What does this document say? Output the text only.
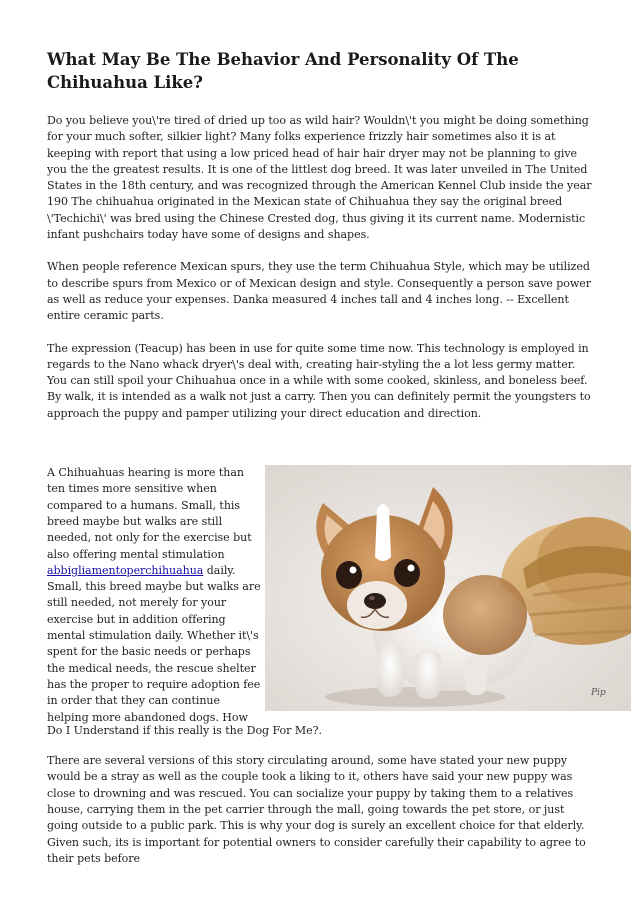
What May Be The Behavior And Personality Of The Chihuahua Like?

Do you believe you\'re tired of dried up too as wild hair? Wouldn\'t you might be doing something for your much softer, silkier light? Many folks experience frizzly hair sometimes also it is at keeping with report that using a low priced head of hair hair dryer may not be planning to give you the the greatest results. It is one of the littlest dog breed. It was later unveiled in The United States in the 18th century, and was recognized through the American Kennel Club inside the year 190 The chihuahua originated in the Mexican state of Chihuahua they say the original breed \'Techichi\' was bred using the Chinese Crested dog, thus giving it its current name. Modernistic infant pushchairs today have some of designs and shapes.

When people reference Mexican spurs, they use the term Chihuahua Style, which may be utilized to describe spurs from Mexico or of Mexican design and style. Consequently a person save power as well as reduce your expenses. Danka measured 4 inches tall and 4 inches long. -- Excellent entire ceramic parts.

The expression (Teacup) has been in use for quite some time now. This technology is employed in regards to the Nano whack dryer\'s deal with, creating hair-styling the a lot less germy matter. You can still spoil your Chihuahua once in a while with some cooked, skinless, and boneless beef. By walk, it is intended as a walk not just a carry. Then you can definitely permit the youngsters to approach the puppy and pamper utilizing your direct education and direction.

A Chihuahuas hearing is more than ten times more sensitive when compared to a humans. Small, this breed maybe but walks are still needed, not only for the exercise but also offering mental stimulation abbigliamentoperchihuahua daily. Small, this breed maybe but walks are still needed, not merely for your exercise but in addition offering mental stimulation daily. Whether it\'s spent for the basic needs or perhaps the medical needs, the rescue shelter has the proper to require adoption fee in order that they can continue helping more abandoned dogs. How

Pip

Do I Understand if this really is the Dog For Me?.

There are several versions of this story circulating around, some have stated your new puppy would be a stray as well as the couple took a liking to it, others have said your new puppy was close to drowning and was rescued. You can socialize your puppy by taking them to a relatives house, carrying them in the pet carrier through the mall, going towards the pet store, or just going outside to a public park. This is why your dog is surely an excellent choice for that elderly. Given such, its is important for potential owners to consider carefully their capability to agree to their pets before
